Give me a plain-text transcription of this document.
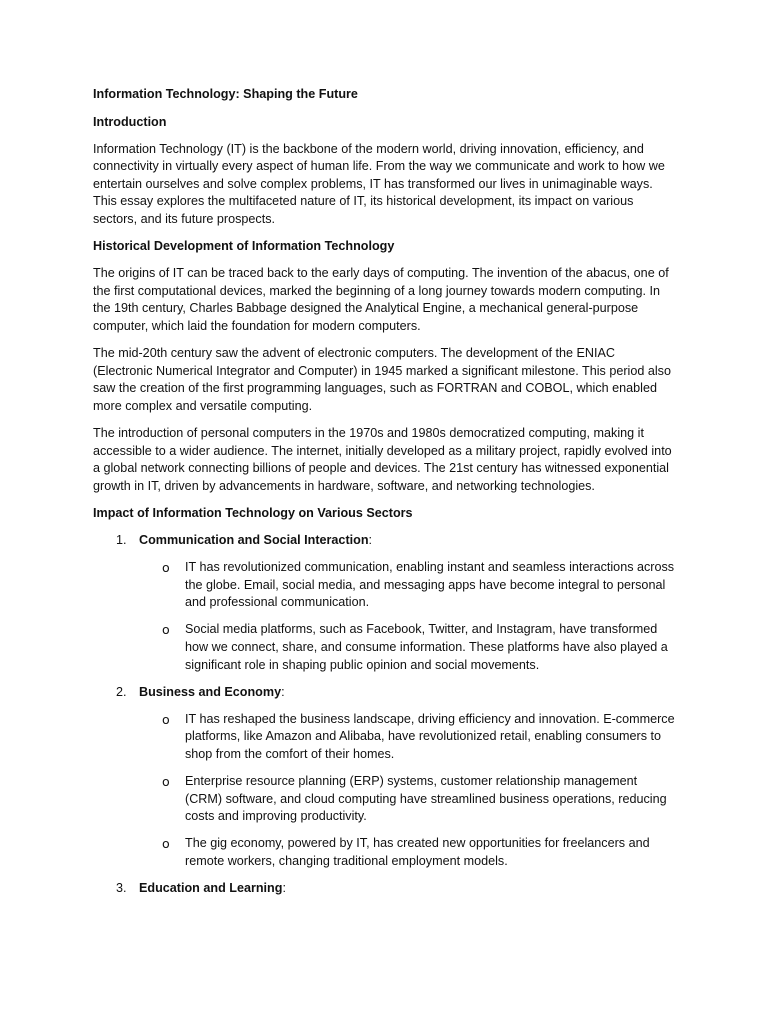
Information Technology: Shaping the Future
Introduction
Information Technology (IT) is the backbone of the modern world, driving innovation, efficiency, and connectivity in virtually every aspect of human life. From the way we communicate and work to how we entertain ourselves and solve complex problems, IT has transformed our lives in unimaginable ways. This essay explores the multifaceted nature of IT, its historical development, its impact on various sectors, and its future prospects.
Historical Development of Information Technology
The origins of IT can be traced back to the early days of computing. The invention of the abacus, one of the first computational devices, marked the beginning of a long journey towards modern computing. In the 19th century, Charles Babbage designed the Analytical Engine, a mechanical general-purpose computer, which laid the foundation for modern computers.
The mid-20th century saw the advent of electronic computers. The development of the ENIAC (Electronic Numerical Integrator and Computer) in 1945 marked a significant milestone. This period also saw the creation of the first programming languages, such as FORTRAN and COBOL, which enabled more complex and versatile computing.
The introduction of personal computers in the 1970s and 1980s democratized computing, making it accessible to a wider audience. The internet, initially developed as a military project, rapidly evolved into a global network connecting billions of people and devices. The 21st century has witnessed exponential growth in IT, driven by advancements in hardware, software, and networking technologies.
Impact of Information Technology on Various Sectors
1. Communication and Social Interaction:
o IT has revolutionized communication, enabling instant and seamless interactions across the globe. Email, social media, and messaging apps have become integral to personal and professional communication.
o Social media platforms, such as Facebook, Twitter, and Instagram, have transformed how we connect, share, and consume information. These platforms have also played a significant role in shaping public opinion and social movements.
2. Business and Economy:
o IT has reshaped the business landscape, driving efficiency and innovation. E-commerce platforms, like Amazon and Alibaba, have revolutionized retail, enabling consumers to shop from the comfort of their homes.
o Enterprise resource planning (ERP) systems, customer relationship management (CRM) software, and cloud computing have streamlined business operations, reducing costs and improving productivity.
o The gig economy, powered by IT, has created new opportunities for freelancers and remote workers, changing traditional employment models.
3. Education and Learning:
